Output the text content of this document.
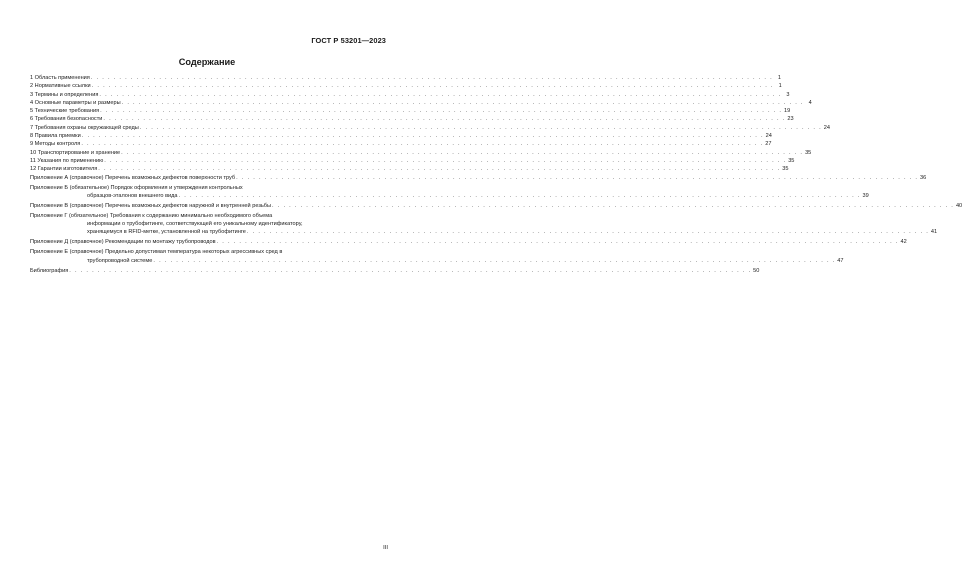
ГОСТ Р 53201—2023
Содержание
1 Область применения . . . . . . . . . . . . . . . . . . . . . . . . . . . . . . . . . . . . . . . . . . . . . . . . . . . . . . . . . . . . . . . . . . . . . . . . . . . . . . . . . . . . . . . . . . . . . . . . . . . . . . . . . . . . . . . . . . . . . . . . 1
2 Нормативные ссылки . . . . . . . . . . . . . . . . . . . . . . . . . . . . . . . . . . . . . . . . . . . . . . . . . . . . . . . . . . . . . . . . . . . . . . . . . . . . . . . . . . . . . . . . . . . . . . . . . . . . . . . . . . . . . . . . . . . . . . . . 1
3 Термины и определения . . . . . . . . . . . . . . . . . . . . . . . . . . . . . . . . . . . . . . . . . . . . . . . . . . . . . . . . . . . . . . . . . . . . . . . . . . . . . . . . . . . . . . . . . . . . . . . . . . . . . . . . . . . . . . . . . . . . . . . . 3
4 Основные параметры и размеры . . . . . . . . . . . . . . . . . . . . . . . . . . . . . . . . . . . . . . . . . . . . . . . . . . . . . . . . . . . . . . . . . . . . . . . . . . . . . . . . . . . . . . . . . . . . . . . . . . . . . . . . . . . . . . . . . . . . . . . . 4
5 Технические требования . . . . . . . . . . . . . . . . . . . . . . . . . . . . . . . . . . . . . . . . . . . . . . . . . . . . . . . . . . . . . . . . . . . . . . . . . . . . . . . . . . . . . . . . . . . . . . . . . . . . . . . . . . . . . . . . . . . . . . . . 19
6 Требования безопасности . . . . . . . . . . . . . . . . . . . . . . . . . . . . . . . . . . . . . . . . . . . . . . . . . . . . . . . . . . . . . . . . . . . . . . . . . . . . . . . . . . . . . . . . . . . . . . . . . . . . . . . . . . . . . . . . . . . . . . . . 23
7 Требования охраны окружающей среды . . . . . . . . . . . . . . . . . . . . . . . . . . . . . . . . . . . . . . . . . . . . . . . . . . . . . . . . . . . . . . . . . . . . . . . . . . . . . . . . . . . . . . . . . . . . . . . . . . . . . . . . . . . . . . . . . . . . . . . . 24
8 Правила приемки . . . . . . . . . . . . . . . . . . . . . . . . . . . . . . . . . . . . . . . . . . . . . . . . . . . . . . . . . . . . . . . . . . . . . . . . . . . . . . . . . . . . . . . . . . . . . . . . . . . . . . . . . . . . . . . . . . . . . . . . 24
9 Методы контроля . . . . . . . . . . . . . . . . . . . . . . . . . . . . . . . . . . . . . . . . . . . . . . . . . . . . . . . . . . . . . . . . . . . . . . . . . . . . . . . . . . . . . . . . . . . . . . . . . . . . . . . . . . . . . . . . . . . . . . . . 27
10 Транспортирование и хранение . . . . . . . . . . . . . . . . . . . . . . . . . . . . . . . . . . . . . . . . . . . . . . . . . . . . . . . . . . . . . . . . . . . . . . . . . . . . . . . . . . . . . . . . . . . . . . . . . . . . . . . . . . . . . . . . . . . . . . . . 35
11 Указания по применению . . . . . . . . . . . . . . . . . . . . . . . . . . . . . . . . . . . . . . . . . . . . . . . . . . . . . . . . . . . . . . . . . . . . . . . . . . . . . . . . . . . . . . . . . . . . . . . . . . . . . . . . . . . . . . . . . . . . . . . . 35
12 Гарантии изготовителя . . . . . . . . . . . . . . . . . . . . . . . . . . . . . . . . . . . . . . . . . . . . . . . . . . . . . . . . . . . . . . . . . . . . . . . . . . . . . . . . . . . . . . . . . . . . . . . . . . . . . . . . . . . . . . . . . . . . . . . . 35
Приложение А (справочное) Перечень возможных дефектов поверхности труб . . . . . . . . . . . . . . . . . . . . . . . . . . . . . . . . . . . . . . . . . . . . . . . . . . . . . . . . . . . . . . . . . . . . . . . . . . . . . . . . . . . . . . . . . . . . . . . . . . . . . . . . . . . . . . . . . . . . . . . . 36
Приложение Б (обязательное) Порядок оформления и утверждения контрольных
образцов-эталонов внешнего вида . . . . . . . . . . . . . . . . . . . . . . . . . . . . . . . . . . . . . . . . . . . . . . . . . . . . . . . . . . . . . . . . . . . . . . . . . . . . . . . . . . . . . . . . . . . . . . . . . . . . . . . . . . . . . . . . . . . . . . . . 39
Приложение В (справочное) Перечень возможных дефектов наружной и внутренней резьбы . . . . . . . . . . . . . . . . . . . . . . . . . . . . . . . . . . . . . . . . . . . . . . . . . . . . . . . . . . . . . . . . . . . . . . . . . . . . . . . . . . . . . . . . . . . . . . . . . . . . . . . . . . . . . . . . . . . . . . . . 40
Приложение Г (обязательное) Требования к содержанию минимально необходимого объема
информации о трубофитинге, соответствующей его уникальному идентификатору,
хранящемуся в RFID-метке, установленной на трубофитинге . . . . . . . . . . . . . . . . . . . . . . . . . . . . . . . . . . . . . . . . . . . . . . . . . . . . . . . . . . . . . . . . . . . . . . . . . . . . . . . . . . . . . . . . . . . . . . . . . . . . . . . . . . . . . . . . . . . . . . . . 41
Приложение Д (справочное) Рекомендации по монтажу трубопроводов . . . . . . . . . . . . . . . . . . . . . . . . . . . . . . . . . . . . . . . . . . . . . . . . . . . . . . . . . . . . . . . . . . . . . . . . . . . . . . . . . . . . . . . . . . . . . . . . . . . . . . . . . . . . . . . . . . . . . . . . 42
Приложение Е (справочное) Предельно допустимая температура некоторых агрессивных сред в
трубопроводной системе . . . . . . . . . . . . . . . . . . . . . . . . . . . . . . . . . . . . . . . . . . . . . . . . . . . . . . . . . . . . . . . . . . . . . . . . . . . . . . . . . . . . . . . . . . . . . . . . . . . . . . . . . . . . . . . . . . . . . . . . 47
Библиография . . . . . . . . . . . . . . . . . . . . . . . . . . . . . . . . . . . . . . . . . . . . . . . . . . . . . . . . . . . . . . . . . . . . . . . . . . . . . . . . . . . . . . . . . . . . . . . . . . . . . . . . . . . . . . . . . . . . . . . . 50
III
